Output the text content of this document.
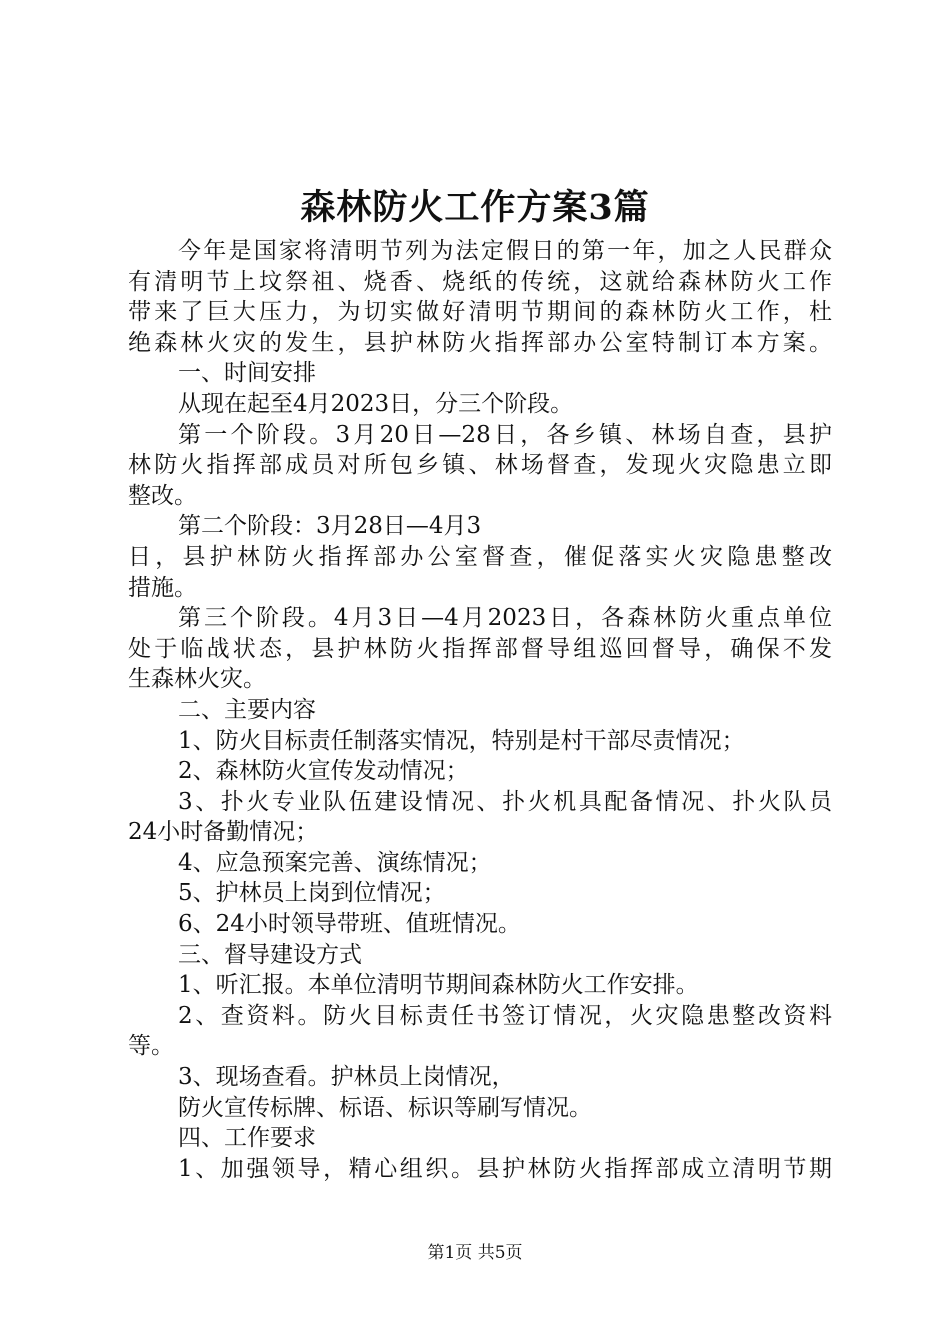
森林防火工作方案3篇

今年是国家将清明节列为法定假日的第一年，加之人民群众

有清明节上坟祭祖、烧香、烧纸的传统，这就给森林防火工作

带来了巨大压力，为切实做好清明节期间的森林防火工作，杜

绝森林火灾的发生，县护林防火指挥部办公室特制订本方案。

一、时间安排

从现在起至4月2023日，分三个阶段。

第一个阶段。3月20日—28日，各乡镇、林场自查，县护

林防火指挥部成员对所包乡镇、林场督查，发现火灾隐患立即

整改。

第二个阶段：3月28日—4月3

日，县护林防火指挥部办公室督查，催促落实火灾隐患整改

措施。

第三个阶段。4月3日—4月2023日，各森林防火重点单位

处于临战状态，县护林防火指挥部督导组巡回督导，确保不发

生森林火灾。

二、主要内容

1、防火目标责任制落实情况，特别是村干部尽责情况；

2、森林防火宣传发动情况；

3、扑火专业队伍建设情况、扑火机具配备情况、扑火队员

24小时备勤情况；

4、应急预案完善、演练情况；

5、护林员上岗到位情况；

6、24小时领导带班、值班情况。

三、督导建设方式

1、听汇报。本单位清明节期间森林防火工作安排。

2、查资料。防火目标责任书签订情况，火灾隐患整改资料

等。

3、现场查看。护林员上岗情况，

防火宣传标牌、标语、标识等刷写情况。

四、工作要求

1、加强领导，精心组织。县护林防火指挥部成立清明节期

第1页 共5页
